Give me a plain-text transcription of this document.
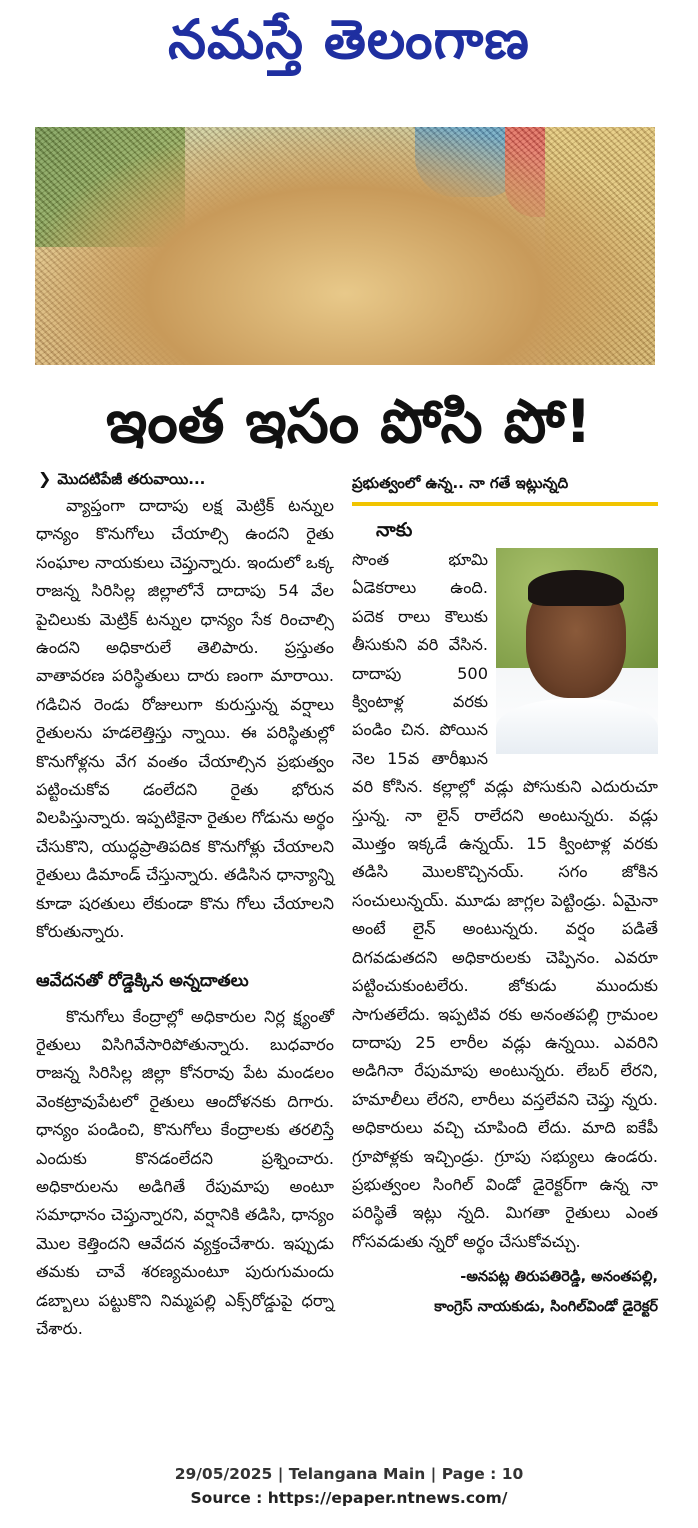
నమస్తే తెలంగాణ
ఇంత ఇసం పోసి పో!
❯ మొదటిపేజీ తరువాయి...

వ్యాప్తంగా దాదాపు లక్ష మెట్రిక్ టన్నుల ధాన్యం కొనుగోలు చేయాల్సి ఉందని రైతు సంఘాల నాయకులు చెప్తున్నారు. ఇందులో ఒక్క రాజన్న సిరిసిల్ల జిల్లాలోనే దాదాపు 54 వేల పైచిలుకు మెట్రిక్ టన్నుల ధాన్యం సేక రించాల్సి ఉందని అధికారులే తెలిపారు. ప్రస్తుతం వాతావరణ పరిస్థితులు దారు ణంగా మారాయి. గడిచిన రెండు రోజులుగా కురుస్తున్న వర్షాలు రైతులను హడలెత్తిస్తు న్నాయి. ఈ పరిస్థితుల్లో కొనుగోళ్లను వేగ వంతం చేయాల్సిన ప్రభుత్వం పట్టించుకోవ డంలేదని రైతు భోరున విలపిస్తున్నారు. ఇప్పటికైనా రైతుల గోడును అర్థం చేసుకొని, యుద్ధప్రాతిపదిక కొనుగోళ్లు చేయాలని రైతులు డిమాండ్ చేస్తున్నారు. తడిసిన ధాన్యాన్ని కూడా షరతులు లేకుండా కొను గోలు చేయాలని కోరుతున్నారు.

ఆవేదనతో రోడ్డెక్కిన అన్నదాతలు

కొనుగోలు కేంద్రాల్లో అధికారుల నిర్ల క్ష్యంతో రైతులు విసిగివేసారిపోతున్నారు. బుధవారం రాజన్న సిరిసిల్ల జిల్లా కోనరావు పేట మండలం వెంకట్రావుపేటలో రైతులు ఆందోళనకు దిగారు. ధాన్యం పండించి, కొనుగోలు కేంద్రాలకు తరలిస్తే ఎందుకు కొనడంలేదని ప్రశ్నించారు. అధికారులను అడిగితే రేపుమాపు అంటూ సమాధానం చెప్తున్నారని, వర్షానికి తడిసి, ధాన్యం మొల కెత్తిందని ఆవేదన వ్యక్తంచేశారు. ఇప్పుడు తమకు చావే శరణ్యమంటూ పురుగుమందు డబ్బాలు పట్టుకొని నిమ్మపల్లి ఎక్స్‌రోడ్డుపై ధర్నా చేశారు.

ప్రభుత్వంలో ఉన్న.. నా గతే ఇట్లున్నది
నాకు

సొంత భూమి ఏడెకరాలు ఉంది. పదెక రాలు కౌలుకు తీసుకుని వరి వేసిన. దాదాపు 500 క్వింటాళ్ల వరకు పండిం చిన. పోయిన నెల 15వ తారీఖున వరి కోసిన. కల్లాల్లో వడ్లు పోసుకుని ఎదురుచూ స్తున్న. నా లైన్ రాలేదని అంటున్నరు. వడ్లు మొత్తం ఇక్కడే ఉన్నయ్. 15 క్వింటాళ్ల వరకు తడిసి మొలకొచ్చినయ్. సగం జోకిన సంచులున్నయ్. మూడు జాగ్లల పెట్టిండ్రు. ఏమైనా అంటే లైన్ అంటున్నరు. వర్షం పడితే దిగవడుతదని అధికారులకు చెప్పినం. ఎవరూ పట్టించుకుంటలేరు. జోకుడు ముందుకు సాగుతలేదు. ఇప్పటివ రకు అనంతపల్లి గ్రామంల దాదాపు 25 లారీల వడ్లు ఉన్నయి. ఎవరిని అడిగినా రేపుమాపు అంటున్నరు. లేబర్ లేరని, హమాలీలు లేరని, లారీలు వస్తలేవని చెప్తు న్నరు. అధికారులు వచ్చి చూపింది లేదు. మాది ఐకేపీ గ్రూపోళ్లకు ఇచ్చిండ్రు. గ్రూపు సభ్యులు ఉండరు. ప్రభుత్వంల సింగిల్ విండో డైరెక్టర్‌గా ఉన్న నా పరిస్థితే ఇట్లు న్నది. మిగతా రైతులు ఎంత గోసవడుతు న్నరో అర్థం చేసుకోవచ్చు.

-అనపట్ల తిరుపతిరెడ్డి, అనంతపల్లి,
కాంగ్రెస్ నాయకుడు, సింగిల్‌విండో డైరెక్టర్
29/05/2025 | Telangana Main | Page : 10
Source : https://epaper.ntnews.com/
